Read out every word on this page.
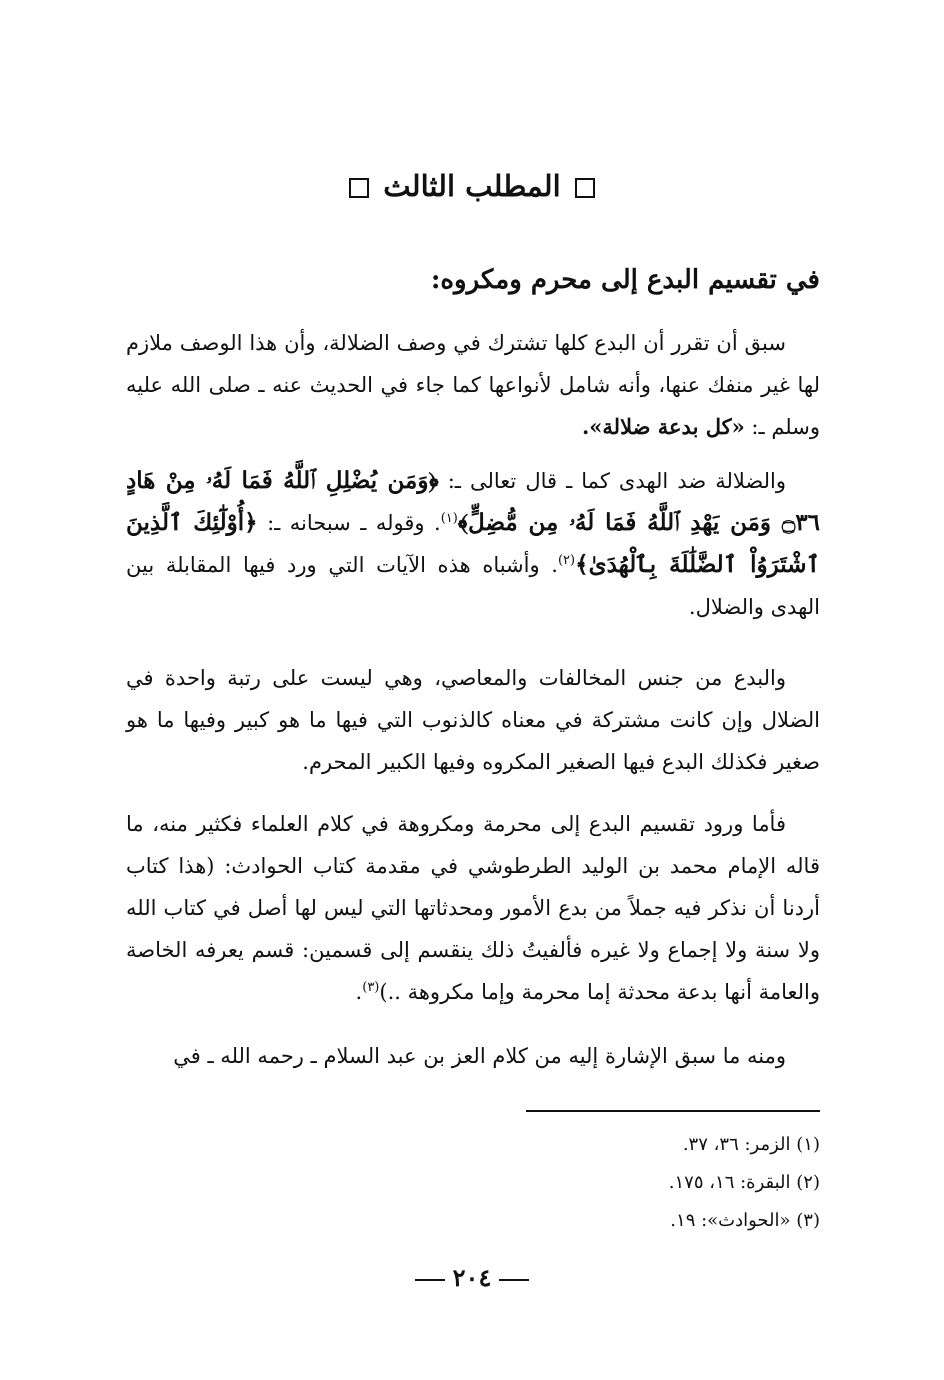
المطلب الثالث
في تقسيم البدع إلى محرم ومكروه:
سبق أن تقرر أن البدع كلها تشترك في وصف الضلالة، وأن هذا الوصف ملازم لها غير منفك عنها، وأنه شامل لأنواعها كما جاء في الحديث عنه ـ صلى الله عليه وسلم ـ: «كل بدعة ضلالة».
والضلالة ضد الهدى كما ـ قال تعالى ـ: ﴿وَمَن يُضْلِلِ ٱللَّهُ فَمَا لَهُۥ مِنْ هَادٍ ۝٣٦ وَمَن يَهْدِ ٱللَّهُ فَمَا لَهُۥ مِن مُّضِلٍّ﴾$^{(١)}$. وقوله ـ سبحانه ـ: ﴿أُوْلَٰٓئِكَ ٱلَّذِينَ ٱشْتَرَوُاْ ٱلضَّلَٰلَةَ بِٱلْهُدَىٰ﴾$^{(٢)}$. وأشباه هذه الآيات التي ورد فيها المقابلة بين الهدى والضلال.
والبدع من جنس المخالفات والمعاصي، وهي ليست على رتبة واحدة في الضلال وإن كانت مشتركة في معناه كالذنوب التي فيها ما هو كبير وفيها ما هو صغير فكذلك البدع فيها الصغير المكروه وفيها الكبير المحرم.
فأما ورود تقسيم البدع إلى محرمة ومكروهة في كلام العلماء فكثير منه، ما قاله الإمام محمد بن الوليد الطرطوشي في مقدمة كتاب الحوادث: (هذا كتاب أردنا أن نذكر فيه جملاً من بدع الأمور ومحدثاتها التي ليس لها أصل في كتاب الله ولا سنة ولا إجماع ولا غيره فألفيتُ ذلك ينقسم إلى قسمين: قسم يعرفه الخاصة والعامة أنها بدعة محدثة إما محرمة وإما مكروهة ..)$^{(٣)}$.
ومنه ما سبق الإشارة إليه من كلام العز بن عبد السلام ـ رحمه الله ـ في
(١) الزمر: ٣٦، ٣٧.
(٢) البقرة: ١٦، ١٧٥.
(٣) «الحوادث»: ١٩.
٢٠٤
